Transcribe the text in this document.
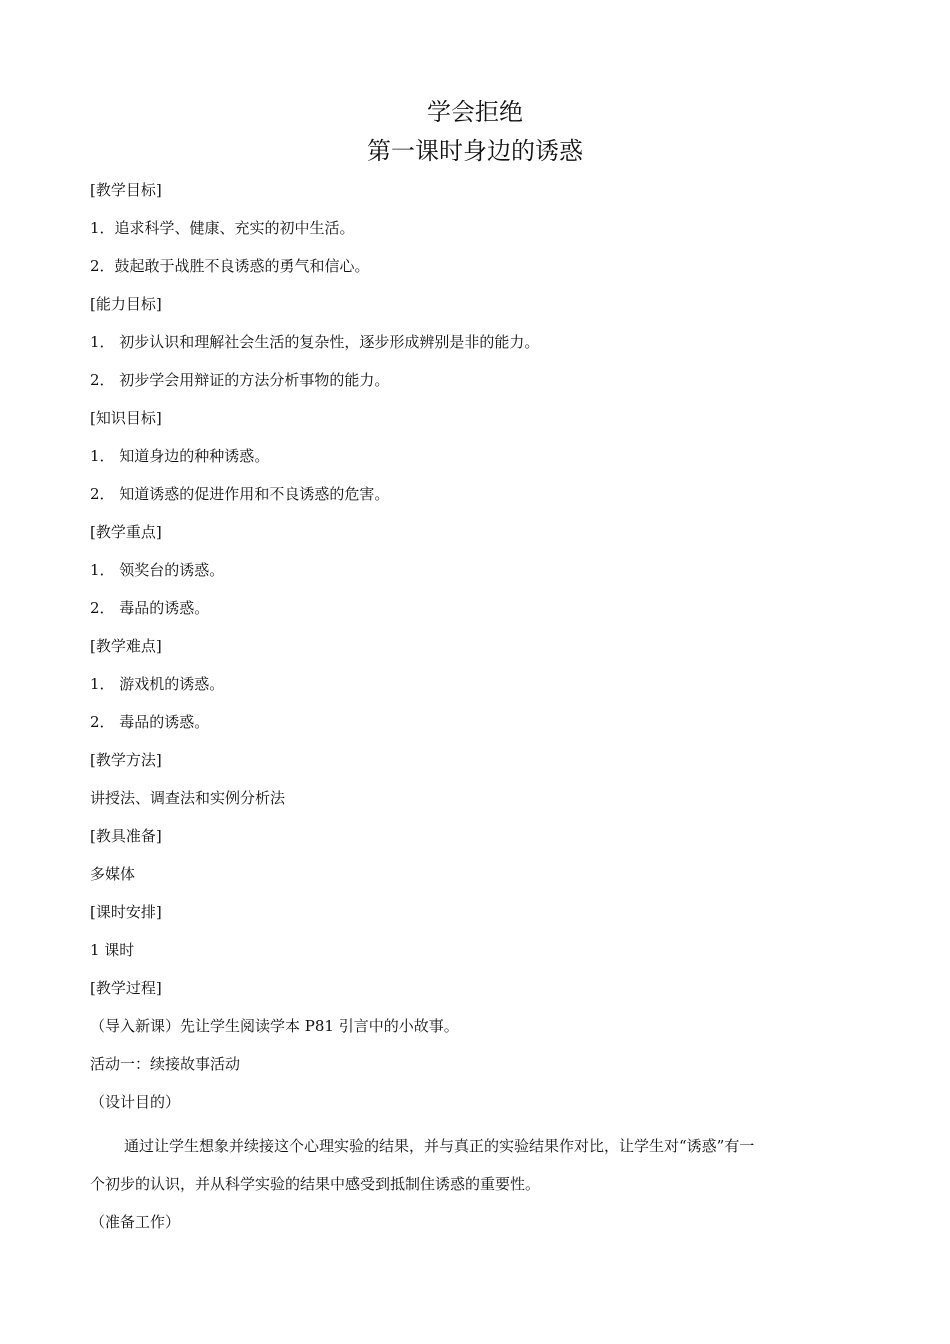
学会拒绝
第一课时身边的诱惑
[教学目标]
1．追求科学、健康、充实的初中生活。
2．鼓起敢于战胜不良诱惑的勇气和信心。
[能力目标]
1． 初步认识和理解社会生活的复杂性，逐步形成辨别是非的能力。
2． 初步学会用辩证的方法分析事物的能力。
[知识目标]
1． 知道身边的种种诱惑。
2． 知道诱惑的促进作用和不良诱惑的危害。
[教学重点]
1． 领奖台的诱惑。
2． 毒品的诱惑。
[教学难点]
1． 游戏机的诱惑。
2． 毒品的诱惑。
[教学方法]
讲授法、调查法和实例分析法
[教具准备]
多媒体
[课时安排]
1 课时
[教学过程]
（导入新课）先让学生阅读学本 P81 引言中的小故事。
活动一：续接故事活动
（设计目的）
通过让学生想象并续接这个心理实验的结果，并与真正的实验结果作对比，让学生对“诱惑”有一
个初步的认识，并从科学实验的结果中感受到抵制住诱惑的重要性。
（准备工作）
